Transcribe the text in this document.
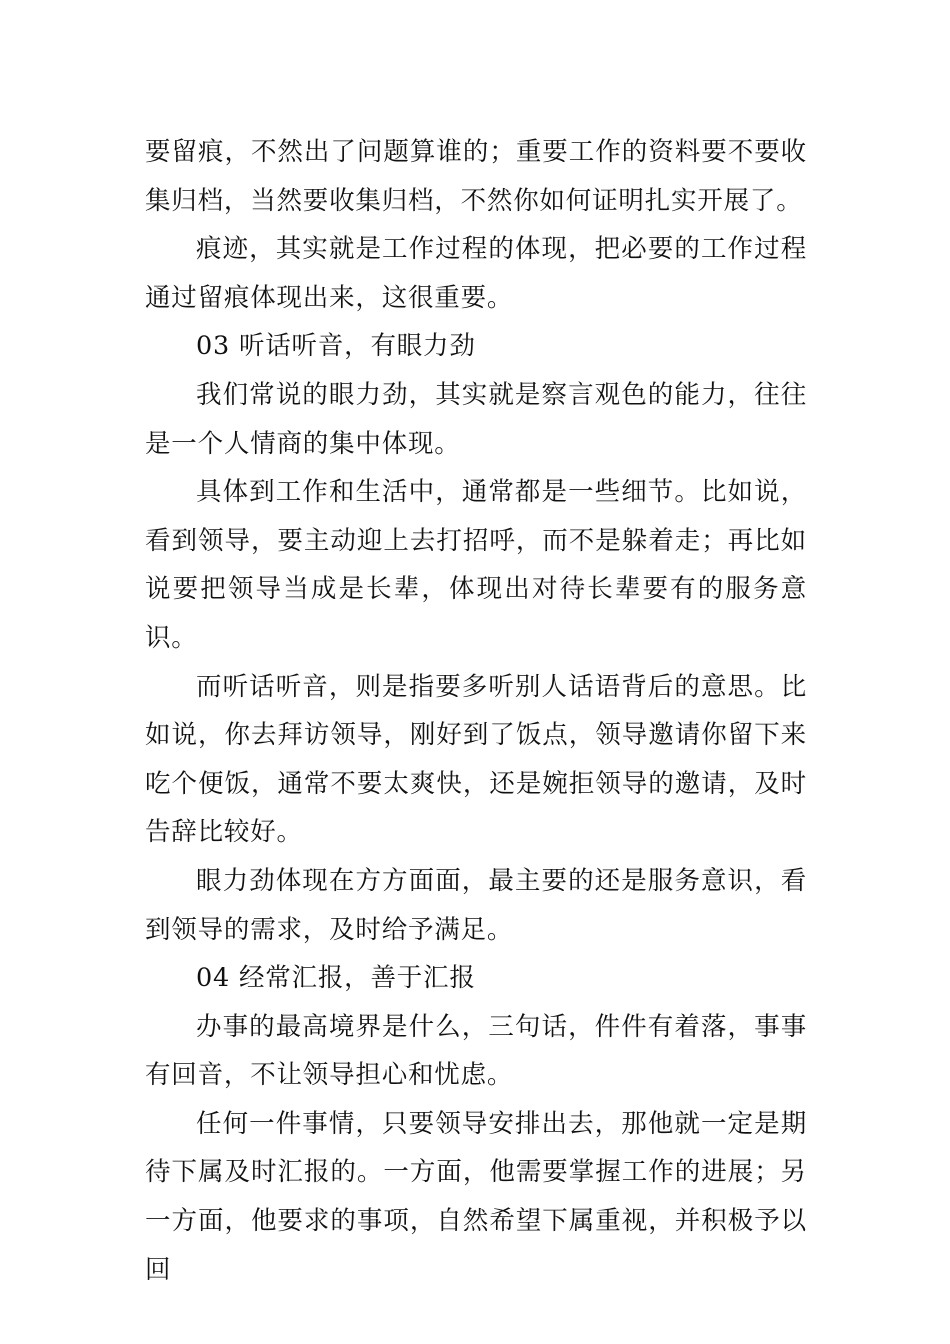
要留痕，不然出了问题算谁的；重要工作的资料要不要收集归档，当然要收集归档，不然你如何证明扎实开展了。

痕迹，其实就是工作过程的体现，把必要的工作过程通过留痕体现出来，这很重要。

03 听话听音，有眼力劲

我们常说的眼力劲，其实就是察言观色的能力，往往是一个人情商的集中体现。

具体到工作和生活中，通常都是一些细节。比如说，看到领导，要主动迎上去打招呼，而不是躲着走；再比如说要把领导当成是长辈，体现出对待长辈要有的服务意识。

而听话听音，则是指要多听别人话语背后的意思。比如说，你去拜访领导，刚好到了饭点，领导邀请你留下来吃个便饭，通常不要太爽快，还是婉拒领导的邀请，及时告辞比较好。

眼力劲体现在方方面面，最主要的还是服务意识，看到领导的需求，及时给予满足。

04 经常汇报，善于汇报

办事的最高境界是什么，三句话，件件有着落，事事有回音，不让领导担心和忧虑。

任何一件事情，只要领导安排出去，那他就一定是期待下属及时汇报的。一方面，他需要掌握工作的进展；另一方面，他要求的事项，自然希望下属重视，并积极予以回
